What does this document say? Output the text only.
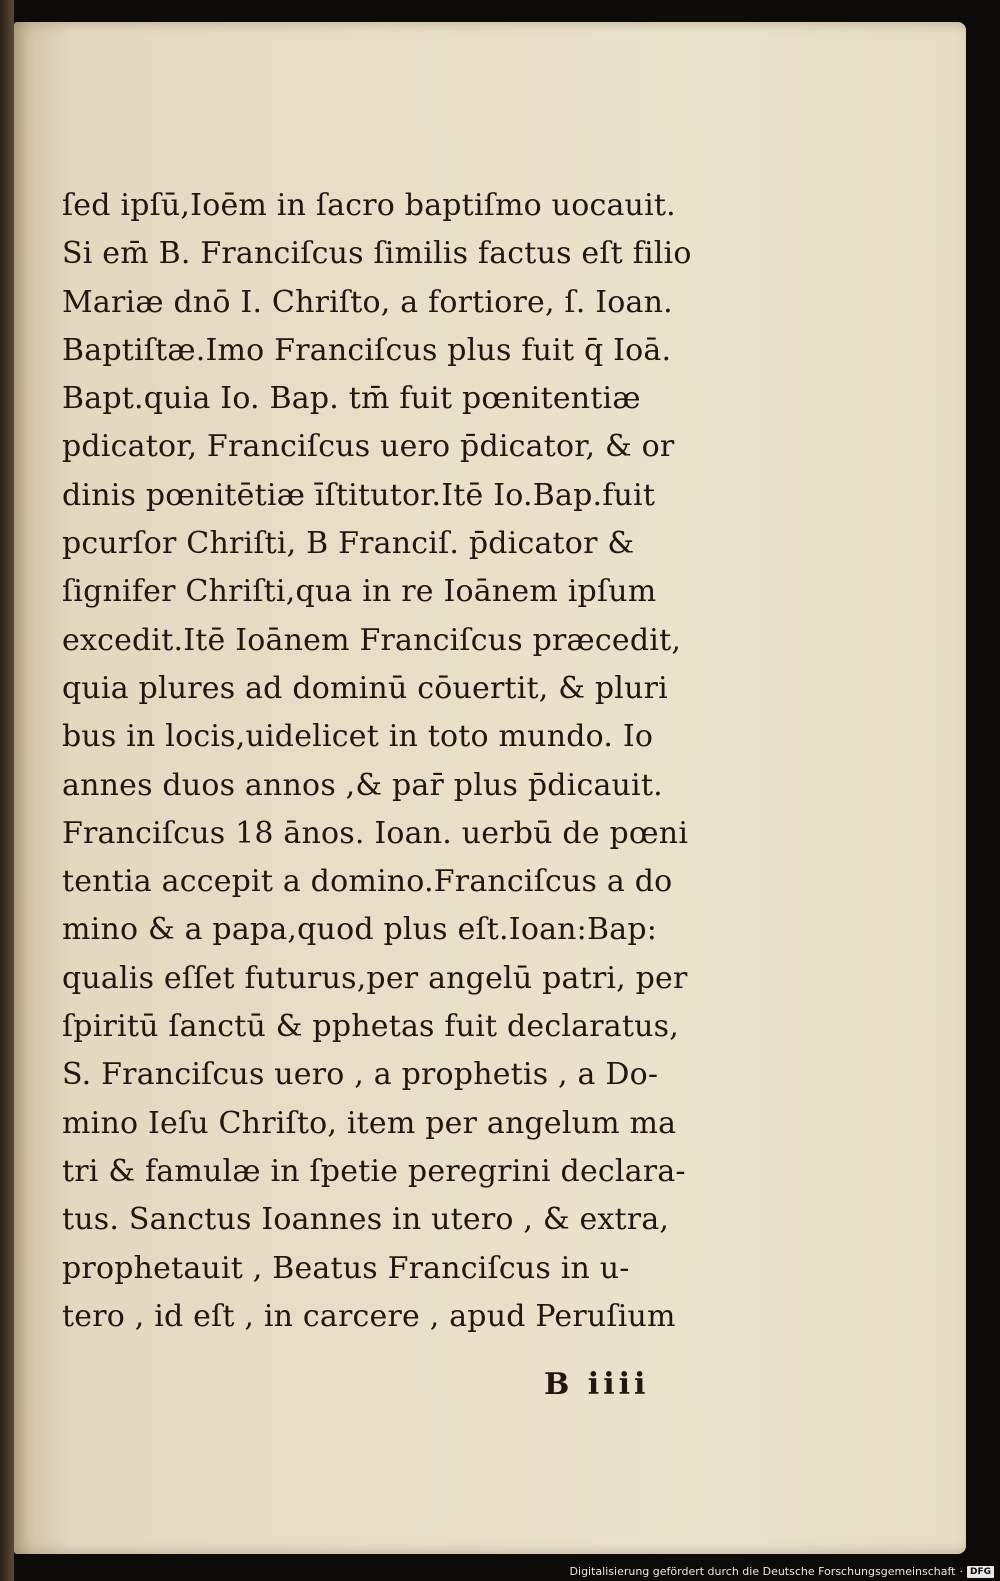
ſed ipſū,Ioēm in ſacro baptiſmo uocauit.
Si em̄ B. Franciſcus ſimilis factus eſt filio
Mariæ dnō I. Chriſto, a fortiore, ſ. Ioan.
Baptiſtæ.Imo Franciſcus plus fuit q̄ Ioā.
Bapt.quia Io. Bap. tm̄ fuit pœnitentiæ
pdicator, Franciſcus uero p̄dicator, & or
dinis pœnitētiæ īſtitutor.Itē Io.Bap.fuit
pcurſor Chriſti, B Franciſ. p̄dicator &
ſignifer Chriſti,qua in re Ioānem ipſum
excedit.Itē Ioānem Franciſcus præcedit,
quia plures ad dominū cōuertit, & pluri
bus in locis,uidelicet in toto mundo. Io
annes duos annos ,& par̄ plus p̄dicauit.
Franciſcus 18 ānos. Ioan. uerbū de pœni
tentia accepit a domino.Franciſcus a do
mino & a papa,quod plus eſt.Ioan:Bap:
qualis eſſet futurus,per angelū patri, per
ſpiritū ſanctū & pphetas fuit declaratus,
S. Franciſcus uero , a prophetis , a Do-
mino Ieſu Chriſto, item per angelum ma
tri & famulæ in ſpetie peregrini declara-
tus. Sanctus Ioannes in utero , & extra,
prophetauit , Beatus Franciſcus in u-
tero , id eſt , in carcere , apud Peruſium
B iiii
Digitalisierung gefördert durch die Deutsche Forschungsgemeinschaft · DFG
